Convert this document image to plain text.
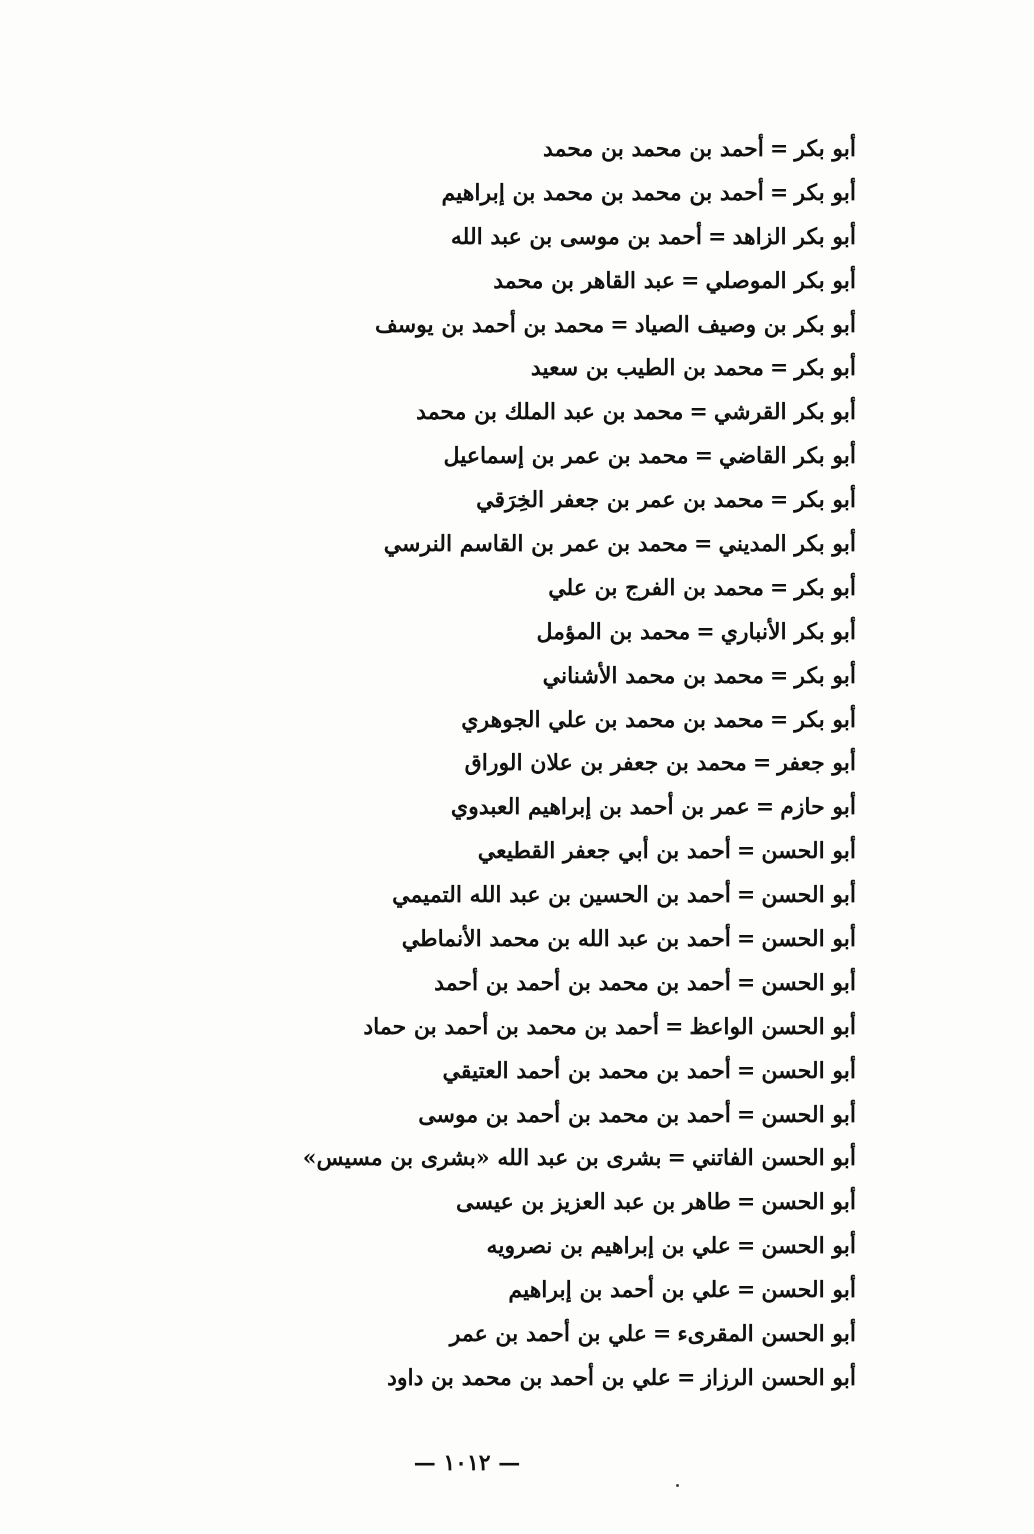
أبو بكر=أحمد بن محمد بن محمد
أبو بكر=أحمد بن محمد بن محمد بن إبراهيم
أبو بكر الزاهد=أحمد بن موسى بن عبد الله
أبو بكر الموصلي=عبد القاهر بن محمد
أبو بكر بن وصيف الصياد=محمد بن أحمد بن يوسف
أبو بكر=محمد بن الطيب بن سعيد
أبو بكر القرشي=محمد بن عبد الملك بن محمد
أبو بكر القاضي=محمد بن عمر بن إسماعيل
أبو بكر=محمد بن عمر بن جعفر الخِرَقي
أبو بكر المديني=محمد بن عمر بن القاسم النرسي
أبو بكر=محمد بن الفرج بن علي
أبو بكر الأنباري=محمد بن المؤمل
أبو بكر=محمد بن محمد الأشناني
أبو بكر=محمد بن محمد بن علي الجوهري
أبو جعفر=محمد بن جعفر بن علان الوراق
أبو حازم=عمر بن أحمد بن إبراهيم العبدوي
أبو الحسن=أحمد بن أبي جعفر القطيعي
أبو الحسن=أحمد بن الحسين بن عبد الله التميمي
أبو الحسن=أحمد بن عبد الله بن محمد الأنماطي
أبو الحسن=أحمد بن محمد بن أحمد بن أحمد
أبو الحسن الواعظ=أحمد بن محمد بن أحمد بن حماد
أبو الحسن=أحمد بن محمد بن أحمد العتيقي
أبو الحسن=أحمد بن محمد بن أحمد بن موسى
أبو الحسن الفاتني=بشرى بن عبد الله «بشرى بن مسيس»
أبو الحسن=طاهر بن عبد العزيز بن عيسى
أبو الحسن=علي بن إبراهيم بن نصرويه
أبو الحسن=علي بن أحمد بن إبراهيم
أبو الحسن المقرىء=علي بن أحمد بن عمر
أبو الحسن الرزاز=علي بن أحمد بن محمد بن داود
— ١٠١٢ —
